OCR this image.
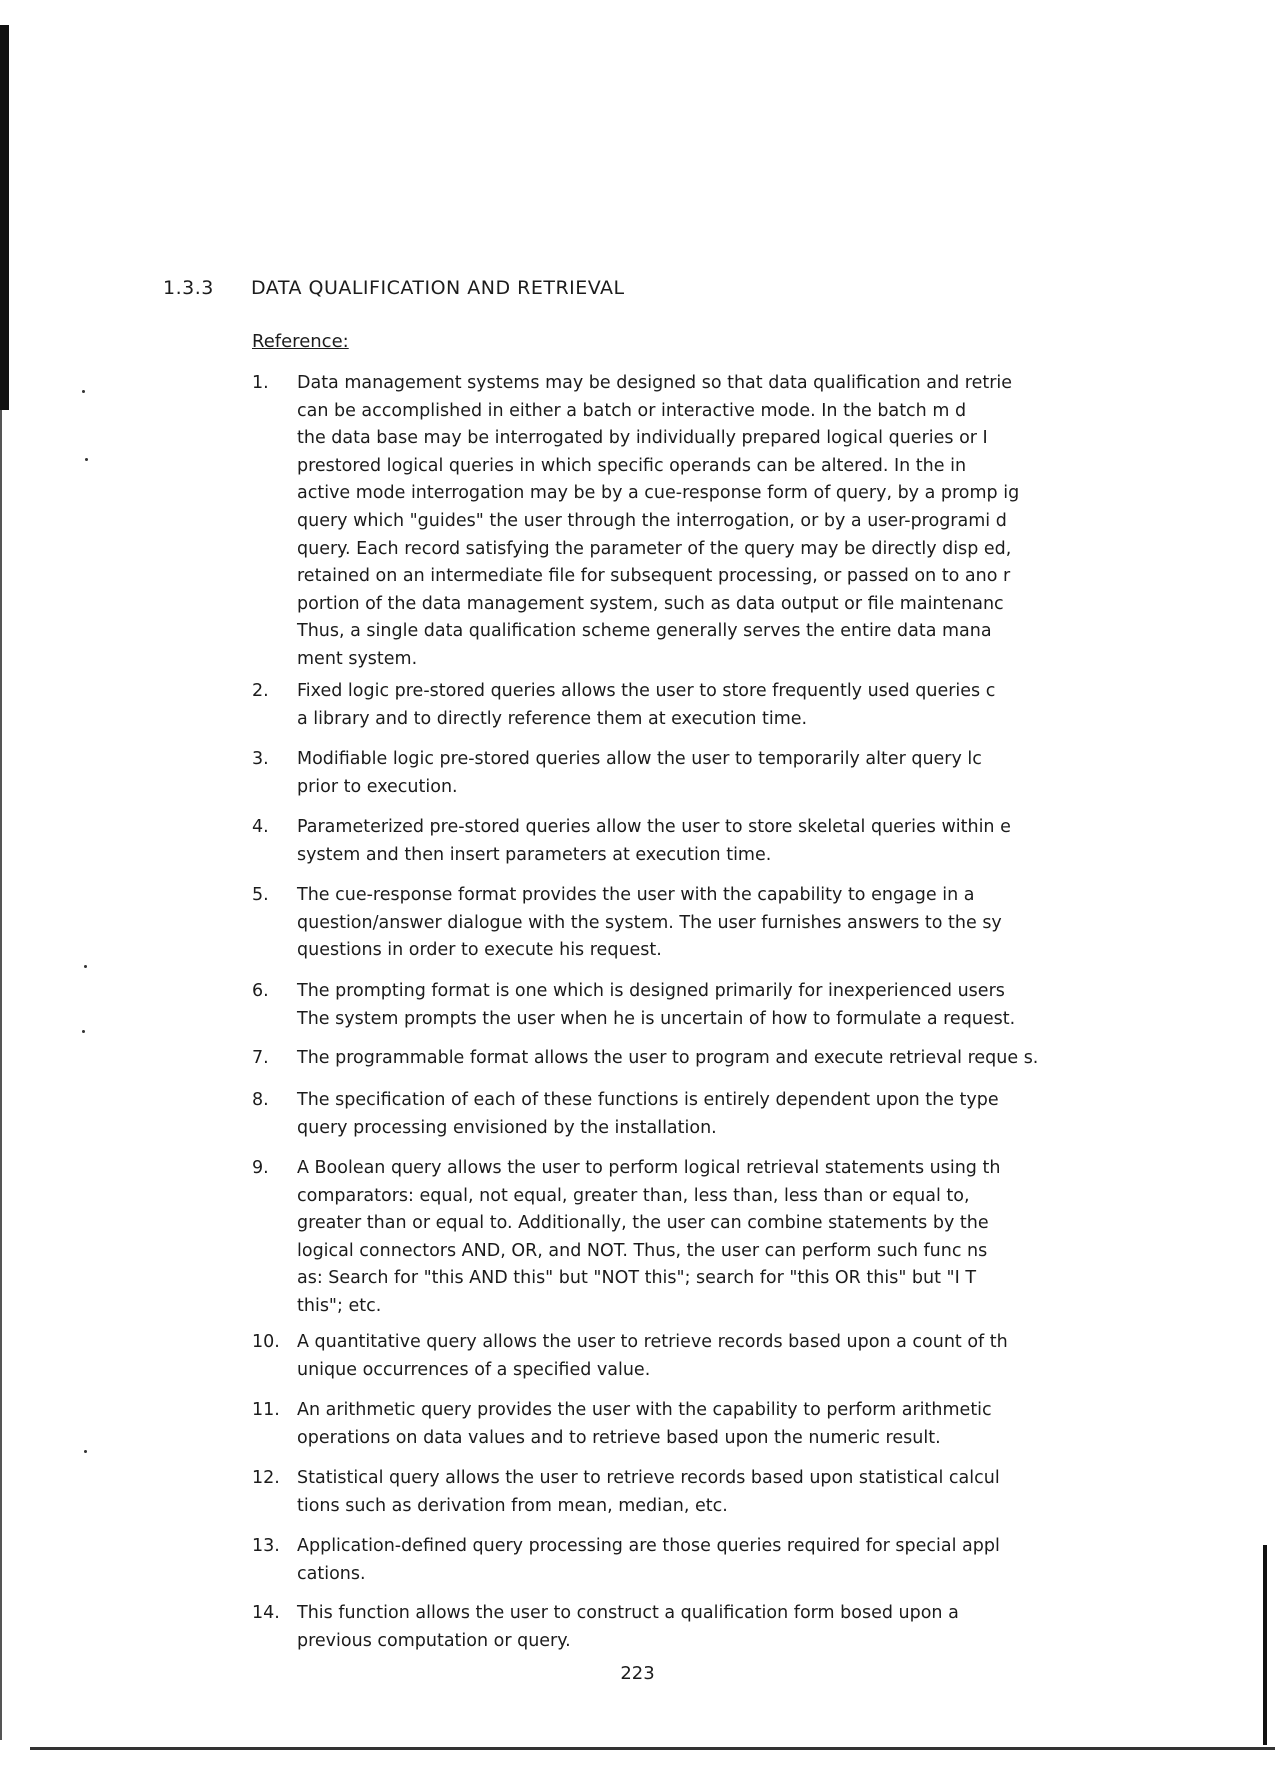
1.3.3 DATA QUALIFICATION AND RETRIEVAL
Reference:
1.	Data management systems may be designed so that data qualification and retrie
can be accomplished in either a batch or interactive mode. In the batch m d
the data base may be interrogated by individually prepared logical queries or I
prestored logical queries in which specific operands can be altered. In the in
active mode interrogation may be by a cue-response form of query, by a promp ig
query which "guides" the user through the interrogation, or by a user-programi d
query. Each record satisfying the parameter of the query may be directly disp ed,
retained on an intermediate file for subsequent processing, or passed on to ano r
portion of the data management system, such as data output or file maintenanc
Thus, a single data qualification scheme generally serves the entire data mana
ment system.
2.	Fixed logic pre-stored queries allows the user to store frequently used queries c
a library and to directly reference them at execution time.
3.	Modifiable logic pre-stored queries allow the user to temporarily alter query lc
prior to execution.
4.	Parameterized pre-stored queries allow the user to store skeletal queries within e
system and then insert parameters at execution time.
5.	The cue-response format provides the user with the capability to engage in a
question/answer dialogue with the system. The user furnishes answers to the sy
questions in order to execute his request.
6.	The prompting format is one which is designed primarily for inexperienced users
The system prompts the user when he is uncertain of how to formulate a request.
7.	The programmable format allows the user to program and execute retrieval reque s.
8.	The specification of each of these functions is entirely dependent upon the type
query processing envisioned by the installation.
9.	A Boolean query allows the user to perform logical retrieval statements using th
comparators: equal, not equal, greater than, less than, less than or equal to,
greater than or equal to. Additionally, the user can combine statements by the
logical connectors AND, OR, and NOT. Thus, the user can perform such func ns
as: Search for "this AND this" but "NOT this"; search for "this OR this" but "I T
this"; etc.
10. A quantitative query allows the user to retrieve records based upon a count of th
unique occurrences of a specified value.
11. An arithmetic query provides the user with the capability to perform arithmetic
operations on data values and to retrieve based upon the numeric result.
12. Statistical query allows the user to retrieve records based upon statistical calcul
tions such as derivation from mean, median, etc.
13. Application-defined query processing are those queries required for special appl
cations.
14. This function allows the user to construct a qualification form bosed upon a
previous computation or query.
223
